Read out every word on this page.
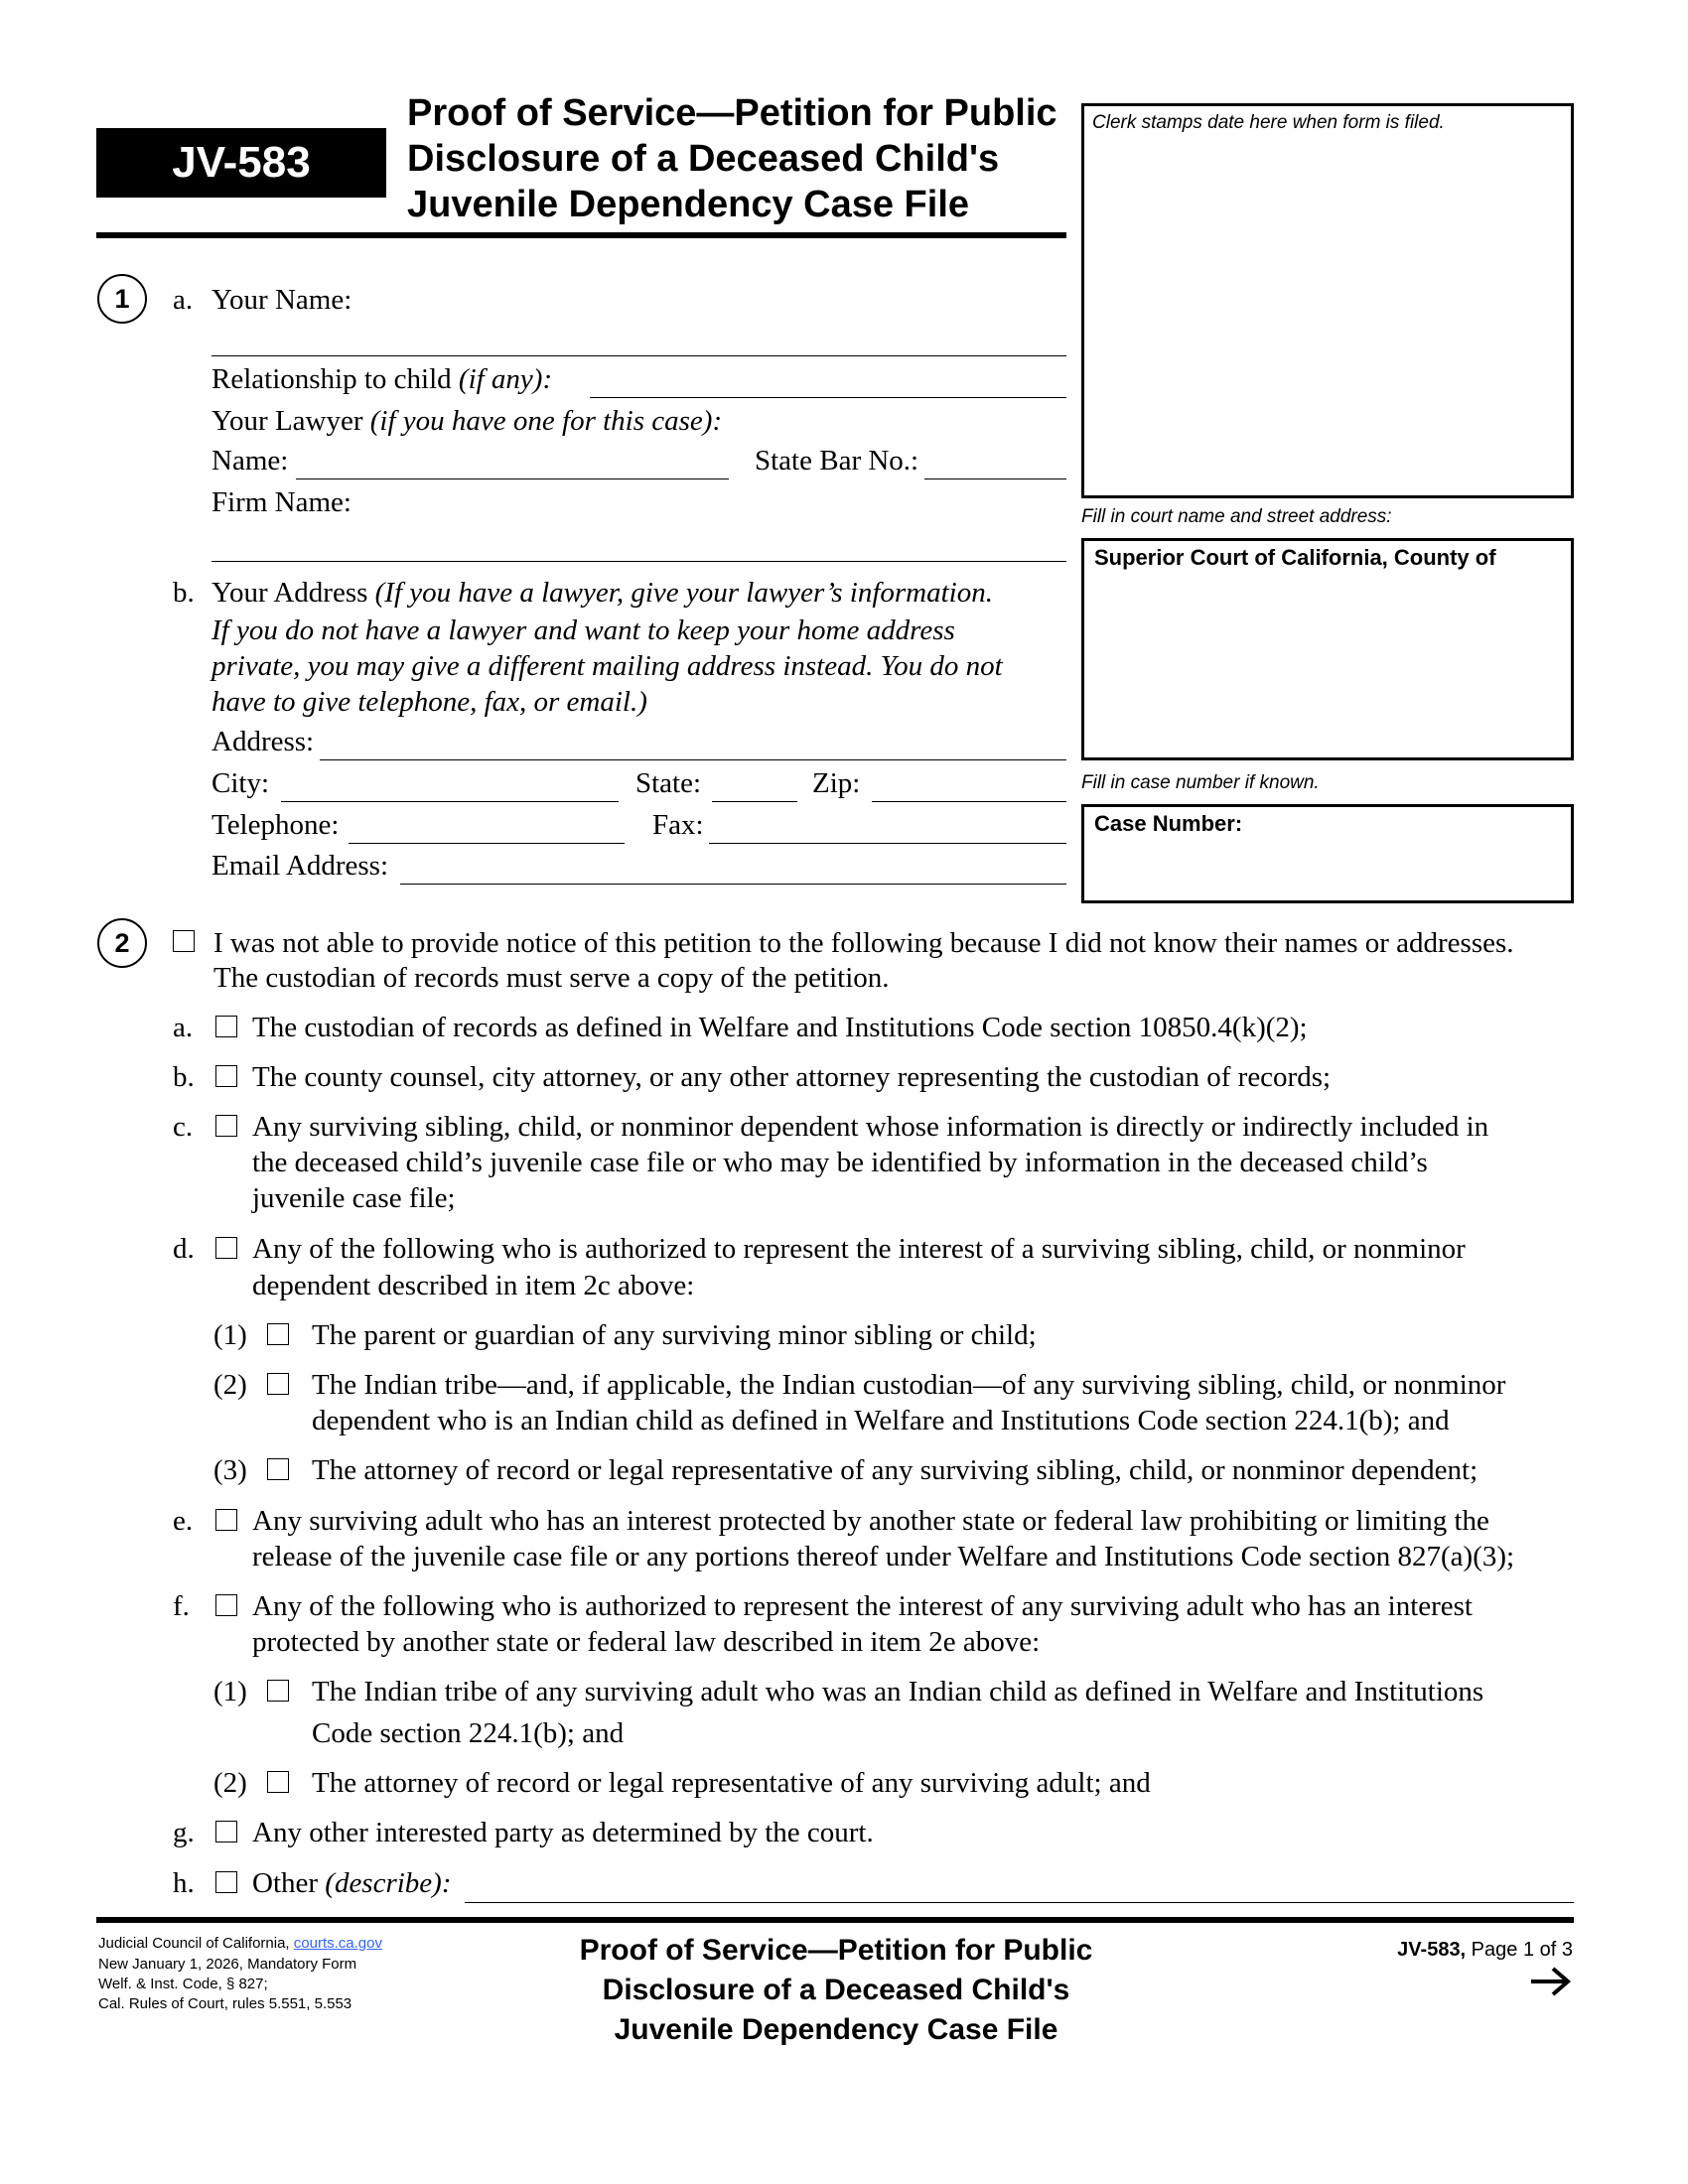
JV-583
Proof of Service—Petition for Public
Disclosure of a Deceased Child's
Juvenile Dependency Case File
Clerk stamps date here when form is filed.
Fill in court name and street address:
Superior Court of California, County of
Fill in case number if known.
Case Number:
1	a. Your Name:
Relationship to child (if any):
Your Lawyer (if you have one for this case):
Name:	State Bar No.:
Firm Name:
b. Your Address (If you have a lawyer, give your lawyer’s information.
If you do not have a lawyer and want to keep your home address
private, you may give a different mailing address instead. You do not
have to give telephone, fax, or email.)
Address:
City:	State:	Zip:
Telephone:	Fax:
Email Address:
2	I was not able to provide notice of this petition to the following because I did not know their names or addresses.
The custodian of records must serve a copy of the petition.
a. The custodian of records as defined in Welfare and Institutions Code section 10850.4(k)(2);
b. The county counsel, city attorney, or any other attorney representing the custodian of records;
c. Any surviving sibling, child, or nonminor dependent whose information is directly or indirectly included in
the deceased child’s juvenile case file or who may be identified by information in the deceased child’s
juvenile case file;
d. Any of the following who is authorized to represent the interest of a surviving sibling, child, or nonminor
dependent described in item 2c above:
(1) The parent or guardian of any surviving minor sibling or child;
(2) The Indian tribe—and, if applicable, the Indian custodian—of any surviving sibling, child, or nonminor
dependent who is an Indian child as defined in Welfare and Institutions Code section 224.1(b); and
(3) The attorney of record or legal representative of any surviving sibling, child, or nonminor dependent;
e. Any surviving adult who has an interest protected by another state or federal law prohibiting or limiting the
release of the juvenile case file or any portions thereof under Welfare and Institutions Code section 827(a)(3);
f. Any of the following who is authorized to represent the interest of any surviving adult who has an interest
protected by another state or federal law described in item 2e above:
(1) The Indian tribe of any surviving adult who was an Indian child as defined in Welfare and Institutions
Code section 224.1(b); and
(2) The attorney of record or legal representative of any surviving adult; and
g. Any other interested party as determined by the court.
h. Other (describe):
Judicial Council of California, courts.ca.gov
New January 1, 2026, Mandatory Form
Welf. & Inst. Code, § 827;
Cal. Rules of Court, rules 5.551, 5.553
Proof of Service—Petition for Public
Disclosure of a Deceased Child's
Juvenile Dependency Case File
JV-583, Page 1 of 3
